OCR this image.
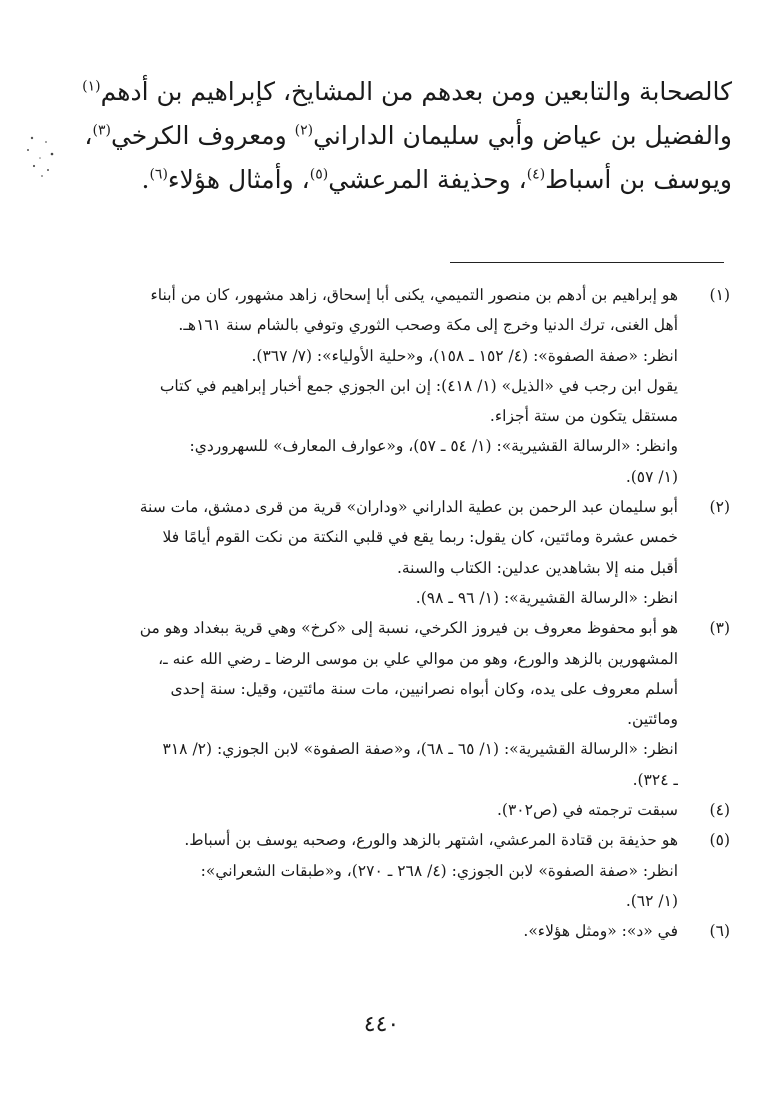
كالصحابة والتابعين ومن بعدهم من المشايخ، كإبراهيم بن أدهم$^{(١)}$
والفضيل بن عياض وأبي سليمان الداراني$^{(٢)}$ ومعروف الكرخي$^{(٣)}$،
ويوسف بن أسباط$^{(٤)}$، وحذيفة المرعشي$^{(٥)}$، وأمثال هؤلاء$^{(٦)}$.

(١)
هو إبراهيم بن أدهم بن منصور التميمي، يكنى أبا إسحاق، زاهد مشهور، كان من أبناء
أهل الغنى، ترك الدنيا وخرج إلى مكة وصحب الثوري وتوفي بالشام سنة ١٦١هـ.
انظر: «صفة الصفوة»: (٤/ ١٥٢ ـ ١٥٨)، و«حلية الأولياء»: (٧/ ٣٦٧).
يقول ابن رجب في «الذيل» (١/ ٤١٨): إن ابن الجوزي جمع أخبار إبراهيم في كتاب
مستقل يتكون من ستة أجزاء.
وانظر: «الرسالة القشيرية»: (١/ ٥٤ ـ ٥٧)، و«عوارف المعارف» للسهروردي:
(١/ ٥٧).
(٢)
أبو سليمان عبد الرحمن بن عطية الداراني «وداران» قرية من قرى دمشق، مات سنة
خمس عشرة ومائتين، كان يقول: ربما يقع في قلبي النكتة من نكت القوم أيامًا فلا
أقبل منه إلا بشاهدين عدلين: الكتاب والسنة.
انظر: «الرسالة القشيرية»: (١/ ٩٦ ـ ٩٨).
(٣)
هو أبو محفوظ معروف بن فيروز الكرخي، نسبة إلى «كرخ» وهي قرية ببغداد وهو من
المشهورين بالزهد والورع، وهو من موالي علي بن موسى الرضا ـ رضي الله عنه ـ،
أسلم معروف على يده، وكان أبواه نصرانيين، مات سنة مائتين، وقيل: سنة إحدى
ومائتين.
انظر: «الرسالة القشيرية»: (١/ ٦٥ ـ ٦٨)، و«صفة الصفوة» لابن الجوزي: (٢/ ٣١٨
ـ ٣٢٤).
(٤)
سبقت ترجمته في (ص٣٠٢).
(٥)
هو حذيفة بن قتادة المرعشي، اشتهر بالزهد والورع، وصحبه يوسف بن أسباط.
انظر: «صفة الصفوة» لابن الجوزي: (٤/ ٢٦٨ ـ ٢٧٠)، و«طبقات الشعراني»:
(١/ ٦٢).
(٦)
في «د»: «ومثل هؤلاء».
٤٤٠
